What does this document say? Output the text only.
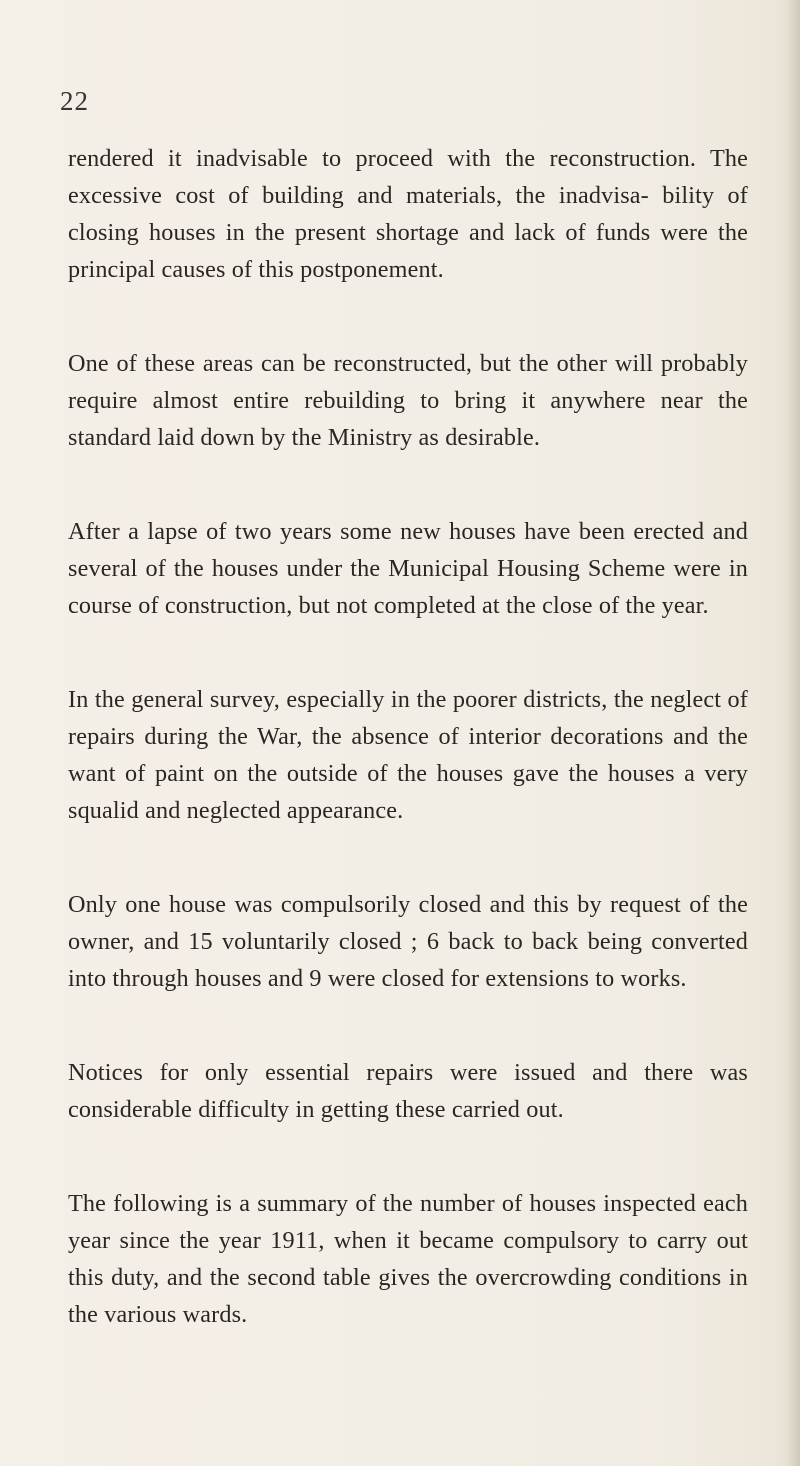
22

rendered it inadvisable to proceed with the reconstruction. The excessive cost of building and materials, the inadvisa- bility of closing houses in the present shortage and lack of funds were the principal causes of this postponement.

One of these areas can be reconstructed, but the other will probably require almost entire rebuilding to bring it anywhere near the standard laid down by the Ministry as desirable.

After a lapse of two years some new houses have been erected and several of the houses under the Municipal Housing Scheme were in course of construction, but not completed at the close of the year.

In the general survey, especially in the poorer districts, the neglect of repairs during the War, the absence of interior decorations and the want of paint on the outside of the houses gave the houses a very squalid and neglected appearance.

Only one house was compulsorily closed and this by request of the owner, and 15 voluntarily closed ; 6 back to back being converted into through houses and 9 were closed for extensions to works.

Notices for only essential repairs were issued and there was considerable difficulty in getting these carried out.

The following is a summary of the number of houses inspected each year since the year 1911, when it became compulsory to carry out this duty, and the second table gives the overcrowding conditions in the various wards.
